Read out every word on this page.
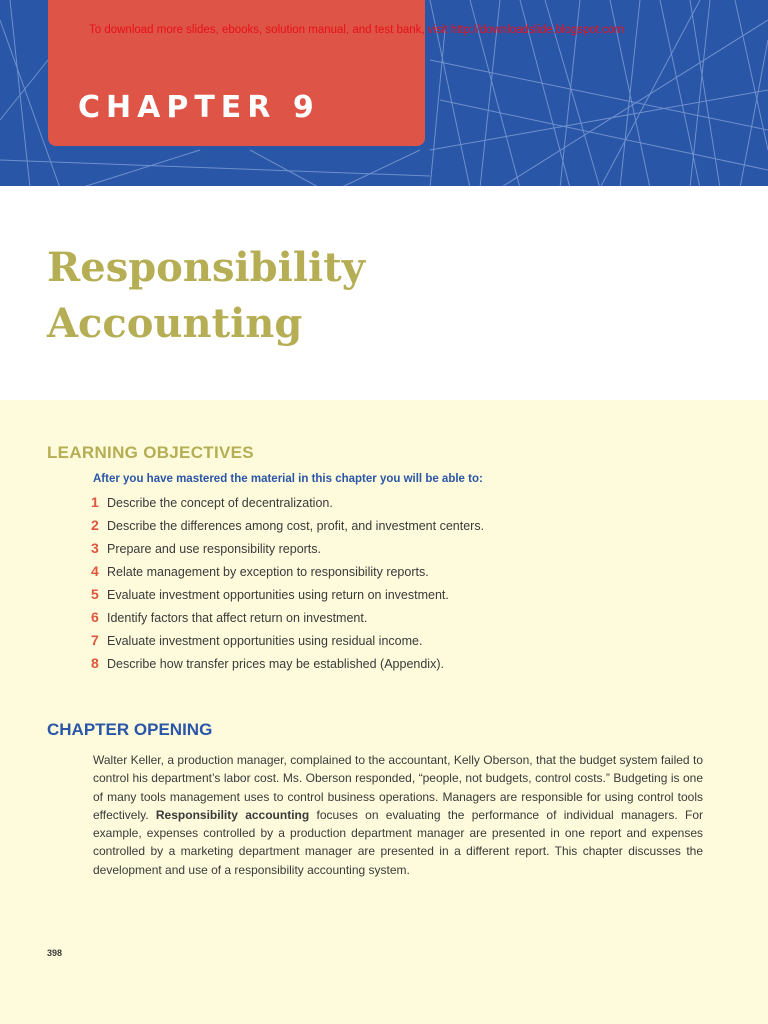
CHAPTER 9
To download more slides, ebooks, solution manual, and test bank, visit http://downloadslide.blogspot.com
Responsibility
Accounting
LEARNING OBJECTIVES
After you have mastered the material in this chapter you will be able to:
1 Describe the concept of decentralization.
2 Describe the differences among cost, profit, and investment centers.
3 Prepare and use responsibility reports.
4 Relate management by exception to responsibility reports.
5 Evaluate investment opportunities using return on investment.
6 Identify factors that affect return on investment.
7 Evaluate investment opportunities using residual income.
8 Describe how transfer prices may be established (Appendix).
CHAPTER OPENING

Walter Keller, a production manager, complained to the accountant, Kelly Oberson, that the budget system failed to control his department’s labor cost. Ms. Oberson responded, “people, not budgets, control costs.” Budgeting is one of many tools management uses to control business operations. Managers are responsible for using control tools effectively. Responsibility accounting focuses on evaluating the performance of individual managers. For example, expenses controlled by a production department manager are presented in one report and expenses controlled by a marketing department manager are presented in a different report. This chapter discusses the development and use of a responsibility accounting system.

398
